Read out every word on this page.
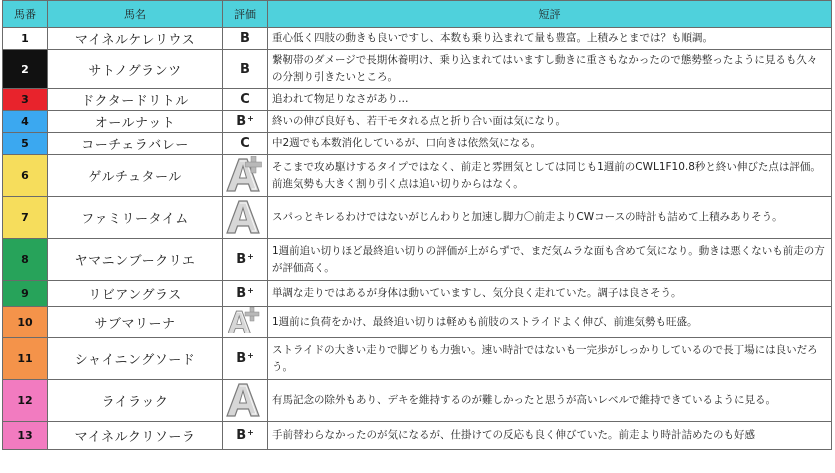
馬番	馬名	評価	短評
1	マイネルケレリウス	B	重心低く四肢の動きも良いですし、本数も乗り込まれて量も豊富。上積みとまでは？も順調。
2	サトノグランツ	B	繋靭帯のダメージで長期休養明け、乗り込まれてはいますし動きに重さもなかったので態勢整ったように見るも久々の分割り引きたいところ。
3	ドクタードリトル	C	追われて物足りなさがあり…
4	オールナット	B+	終いの伸び良好も、若干モタれる点と折り合い面は気になり。
5	コーチェラバレー	C	中2週でも本数消化しているが、口向きは依然気になる。
6	ゲルチュタール		そこまで攻め駆けするタイプではなく、前走と雰囲気としては同じも1週前のCWL1F10.8秒と終い伸びた点は評価。前進気勢も大きく割り引く点は追い切りからはなく。
7	ファミリータイム		スパっとキレるわけではないがじんわりと加速し脚力〇前走よりCWコースの時計も詰めて上積みありそう。
8	ヤマニンブークリエ	B+	1週前追い切りほど最終追い切りの評価が上がらずで、まだ気ムラな面も含めて気になり。動きは悪くないも前走の方が評価高く。
9	リビアングラス	B+	単調な走りではあるが身体は動いていますし、気分良く走れていた。調子は良さそう。
10	サブマリーナ		1週前に負荷をかけ、最終追い切りは軽めも前肢のストライドよく伸び、前進気勢も旺盛。
11	シャイニングソード	B+	ストライドの大きい走りで脚どりも力強い。速い時計ではないも一完歩がしっかりしているので長丁場には良いだろう。
12	ライラック		有馬記念の除外もあり、デキを維持するのが難しかったと思うが高いレベルで維持できているように見る。
13	マイネルクリソーラ	B+	手前替わらなかったのが気になるが、仕掛けての反応も良く伸びていた。前走より時計詰めたのも好感
